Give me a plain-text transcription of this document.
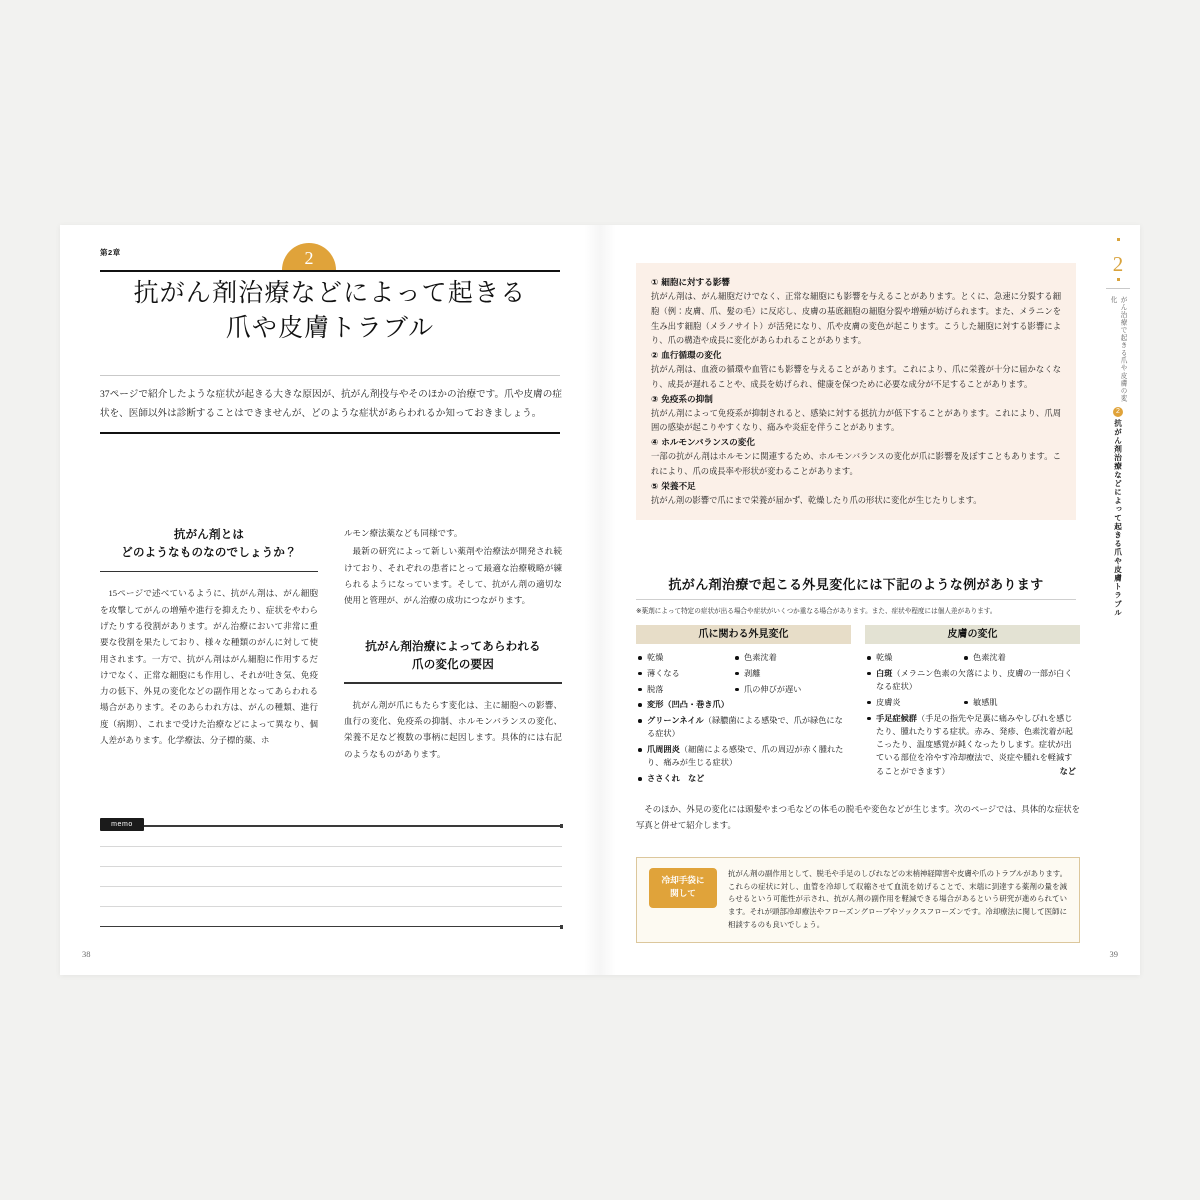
第2章	2
抗がん剤治療などによって起きる
爪や皮膚トラブル
37ページで紹介したような症状が起きる大きな原因が、抗がん剤投与やそのほかの治療です。爪や皮膚の症状を、医師以外は診断することはできませんが、どのような症状があらわれるか知っておきましょう。
抗がん剤とは
どのようなものなのでしょうか？

15ページで述べているように、抗がん剤は、がん細胞を攻撃してがんの増殖や進行を抑えたり、症状をやわらげたりする役割があります。がん治療において非常に重要な役割を果たしており、様々な種類のがんに対して使用されます。一方で、抗がん剤はがん細胞に作用するだけでなく、正常な細胞にも作用し、それが吐き気、免疫力の低下、外見の変化などの副作用となってあらわれる場合があります。そのあらわれ方は、がんの種類、進行度（病期）、これまで受けた治療などによって異なり、個人差があります。化学療法、分子標的薬、ホ

ルモン療法薬なども同様です。

最新の研究によって新しい薬剤や治療法が開発され続けており、それぞれの患者にとって最適な治療戦略が練られるようになっています。そして、抗がん剤の適切な使用と管理が、がん治療の成功につながります。

抗がん剤治療によってあらわれる
爪の変化の要因

抗がん剤が爪にもたらす変化は、主に細胞への影響、血行の変化、免疫系の抑制、ホルモンバランスの変化、栄養不足など複数の事柄に起因します。具体的には右記のようなものがあります。

memo
38
① 細胞に対する影響
抗がん剤は、がん細胞だけでなく、正常な細胞にも影響を与えることがあります。とくに、急速に分裂する細胞（例：皮膚、爪、髪の毛）に反応し、皮膚の基底細胞の細胞分裂や増殖が妨げられます。また、メラニンを生み出す細胞（メラノサイト）が活発になり、爪や皮膚の変色が起こります。こうした細胞に対する影響により、爪の構造や成長に変化があらわれることがあります。
② 血行循環の変化
抗がん剤は、血液の循環や血管にも影響を与えることがあります。これにより、爪に栄養が十分に届かなくなり、成長が遅れることや、成長を妨げられ、健康を保つために必要な成分が不足することがあります。
③ 免疫系の抑制
抗がん剤によって免疫系が抑制されると、感染に対する抵抗力が低下することがあります。これにより、爪周囲の感染が起こりやすくなり、痛みや炎症を伴うことがあります。
④ ホルモンバランスの変化
一部の抗がん剤はホルモンに関連するため、ホルモンバランスの変化が爪に影響を及ぼすこともあります。これにより、爪の成長率や形状が変わることがあります。
⑤ 栄養不足
抗がん剤の影響で爪にまで栄養が届かず、乾燥したり爪の形状に変化が生じたりします。
抗がん剤治療で起こる外見変化には下記のような例があります
※薬剤によって特定の症状が出る場合や症状がいくつか重なる場合があります。また、症状や程度には個人差があります。
爪に関わる外見変化
乾燥	色素沈着
薄くなる	剥離
脱落	爪の伸びが遅い
変形（凹凸・巻き爪）
グリーンネイル（緑膿菌による感染で、爪が緑色になる症状）
爪周囲炎（細菌による感染で、爪の周辺が赤く腫れたり、痛みが生じる症状）
ささくれ　など
皮膚の変化
乾燥	色素沈着
白斑（メラニン色素の欠落により、皮膚の一部が白くなる症状）
皮膚炎	敏感肌
手足症候群（手足の指先や足裏に痛みやしびれを感じたり、腫れたりする症状。赤み、発疹、色素沈着が起こったり、温度感覚が鈍くなったりします。症状が出ている部位を冷やす冷却療法で、炎症や腫れを軽減することができます）	など
そのほか、外見の変化には頭髪やまつ毛などの体毛の脱毛や変色などが生じます。次のページでは、具体的な症状を写真と併せて紹介します。
冷却手袋に
関して
抗がん剤の副作用として、脱毛や手足のしびれなどの末梢神経障害や皮膚や爪のトラブルがあります。これらの症状に対し、血管を冷却して収縮させて血流を妨げることで、末端に到達する薬剤の量を減らせるという可能性が示され、抗がん剤の副作用を軽減できる場合があるという研究が進められています。それが頭部冷却療法やフローズングローブやソックスフローズンです。冷却療法に関して医師に相談するのも良いでしょう。
2
がん治療で起きる爪や皮膚の変化
2
抗がん剤治療などによって起きる爪や皮膚トラブル
39
